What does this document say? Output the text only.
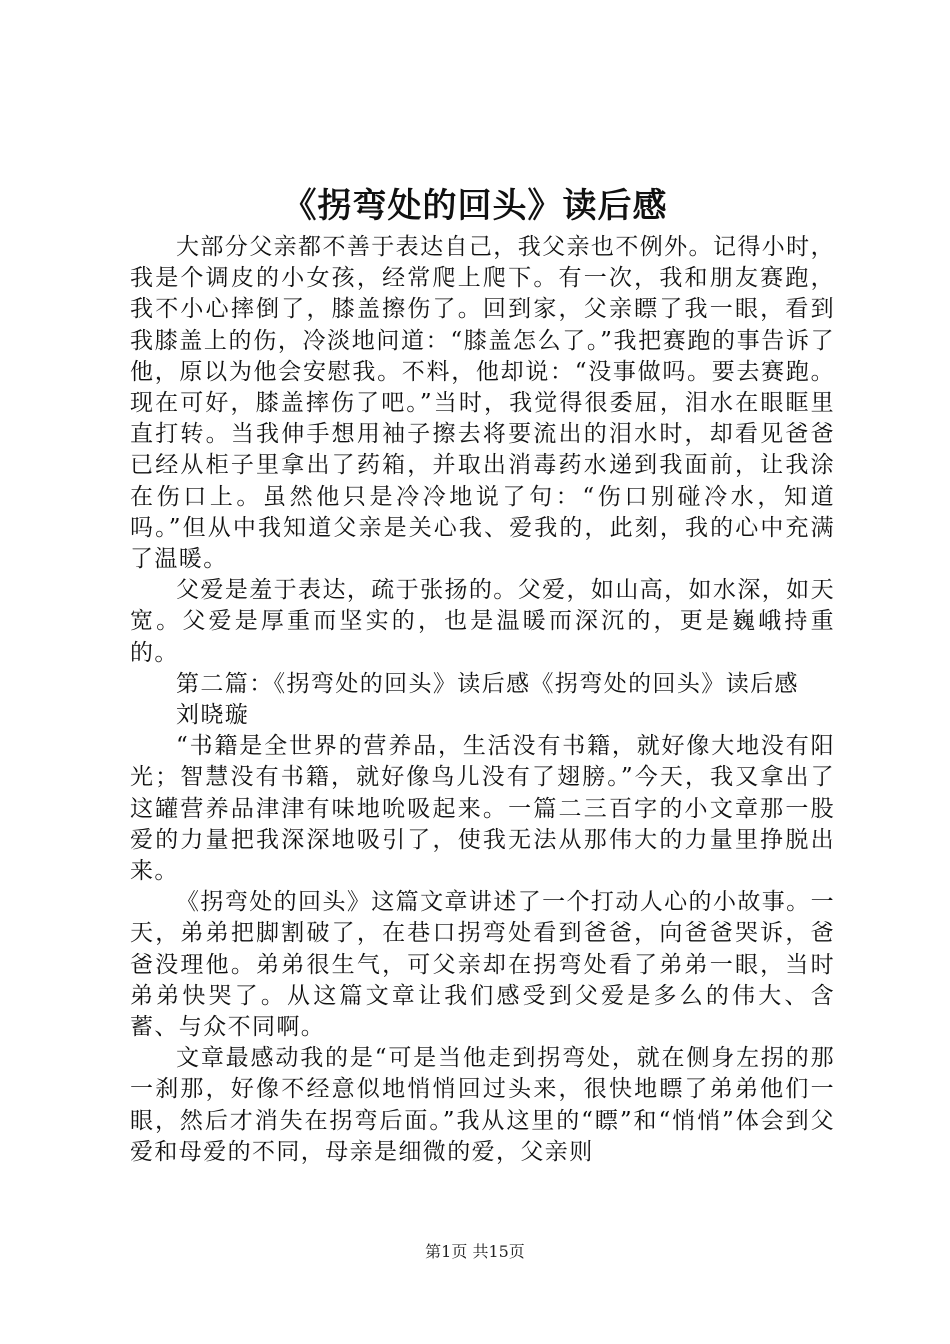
《拐弯处的回头》读后感

大部分父亲都不善于表达自己，我父亲也不例外。记得小时，我是个调皮的小女孩，经常爬上爬下。有一次，我和朋友赛跑，我不小心摔倒了，膝盖擦伤了。回到家，父亲瞟了我一眼，看到我膝盖上的伤，冷淡地问道：“膝盖怎么了。”我把赛跑的事告诉了他，原以为他会安慰我。不料，他却说：“没事做吗。要去赛跑。现在可好，膝盖摔伤了吧。”当时，我觉得很委屈，泪水在眼眶里直打转。当我伸手想用袖子擦去将要流出的泪水时，却看见爸爸已经从柜子里拿出了药箱，并取出消毒药水递到我面前，让我涂在伤口上。虽然他只是冷冷地说了句：“伤口别碰冷水，知道吗。”但从中我知道父亲是关心我、爱我的，此刻，我的心中充满了温暖。

父爱是羞于表达，疏于张扬的。父爱，如山高，如水深，如天宽。父爱是厚重而坚实的，也是温暖而深沉的，更是巍峨持重的。

第二篇：《拐弯处的回头》读后感《拐弯处的回头》读后感

刘晓璇

“书籍是全世界的营养品，生活没有书籍，就好像大地没有阳光；智慧没有书籍，就好像鸟儿没有了翅膀。”今天，我又拿出了这罐营养品津津有味地吮吸起来。一篇二三百字的小文章那一股爱的力量把我深深地吸引了，使我无法从那伟大的力量里挣脱出来。

《拐弯处的回头》这篇文章讲述了一个打动人心的小故事。一天，弟弟把脚割破了，在巷口拐弯处看到爸爸，向爸爸哭诉，爸爸没理他。弟弟很生气，可父亲却在拐弯处看了弟弟一眼，当时弟弟快哭了。从这篇文章让我们感受到父爱是多么的伟大、含蓄、与众不同啊。

文章最感动我的是“可是当他走到拐弯处，就在侧身左拐的那一刹那，好像不经意似地悄悄回过头来，很快地瞟了弟弟他们一眼，然后才消失在拐弯后面。”我从这里的“瞟”和“悄悄”体会到父爱和母爱的不同，母亲是细微的爱，父亲则

第1页 共15页
